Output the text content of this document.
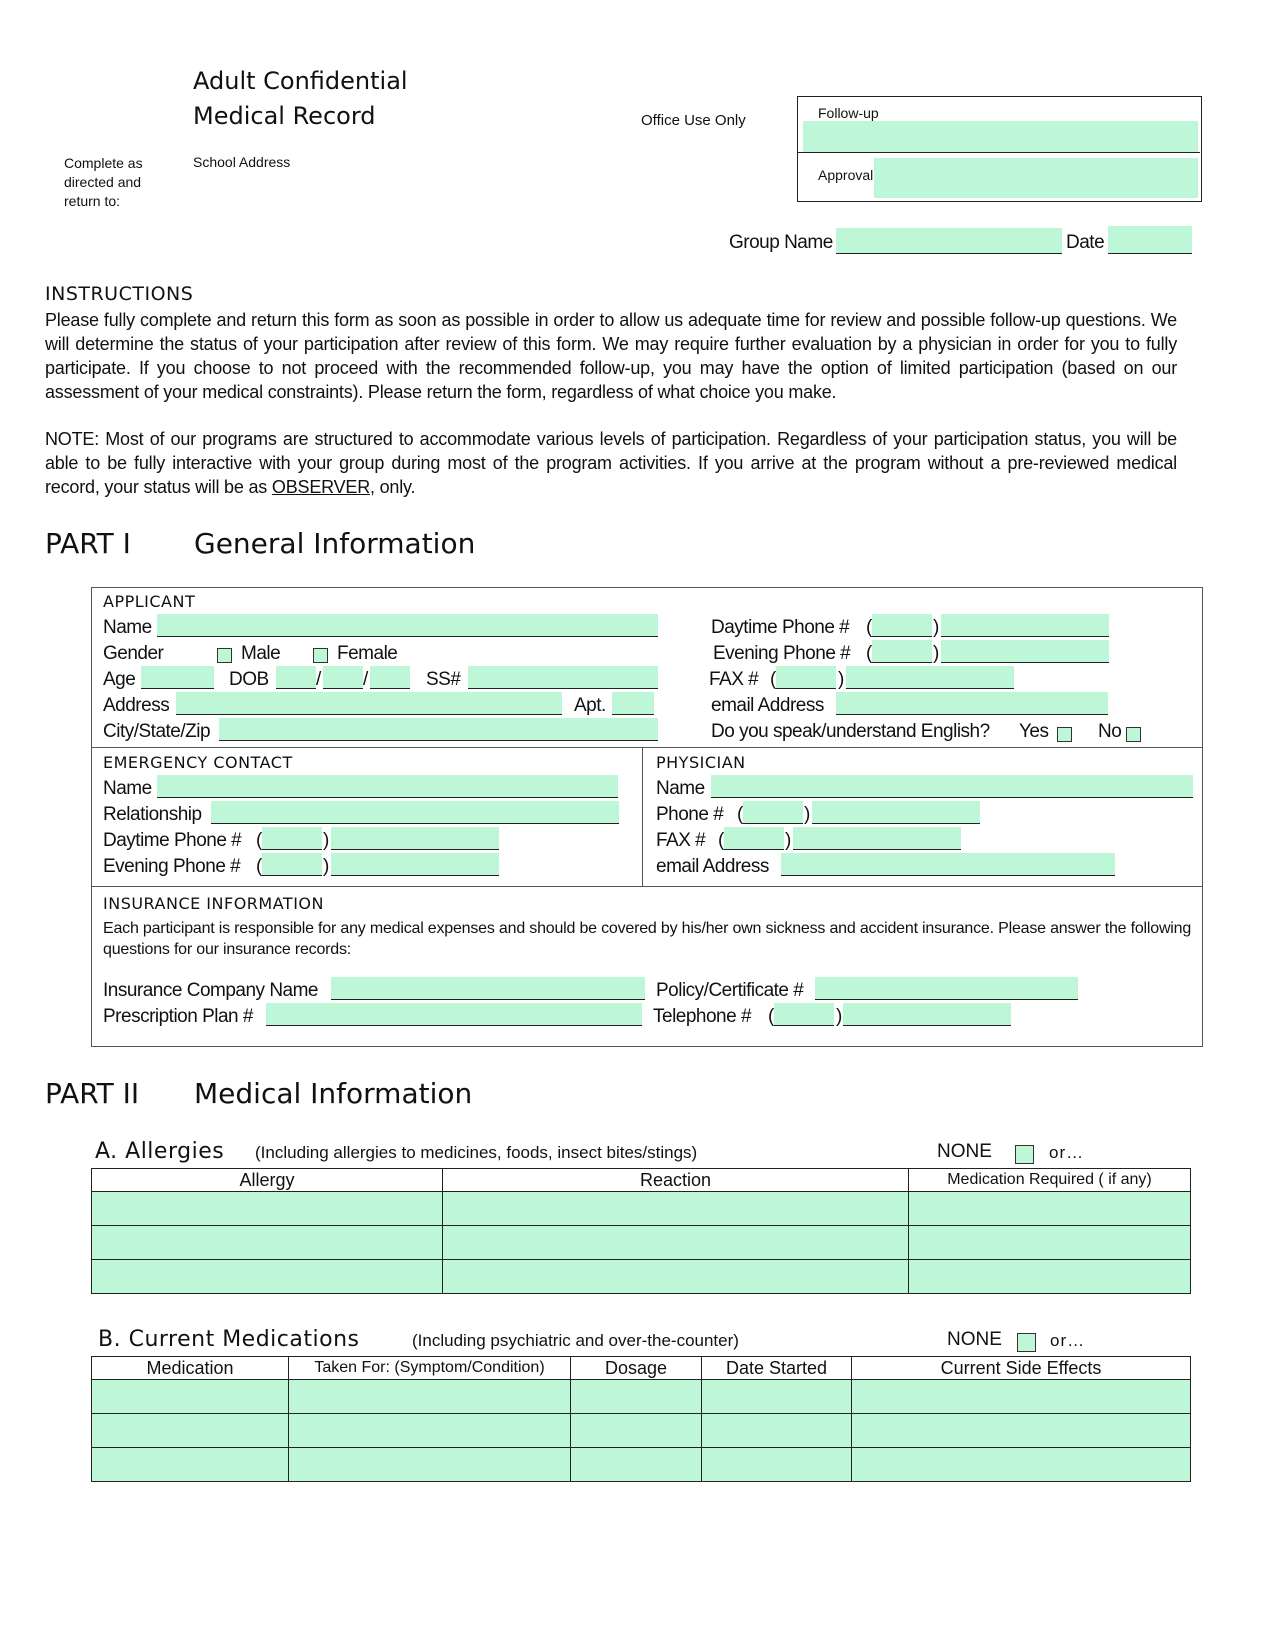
Adult Confidential
Medical Record
Complete as
directed and
return to:
School Address
Office Use Only	Follow-up
Approval
Group Name	Date
INSTRUCTIONS
Please fully complete and return this form as soon as possible in order to allow us adequate time for review and possible follow-up questions. We will determine the status of your participation after review of this form. We may require further evaluation by a physician in order for you to fully participate. If you choose to not proceed with the recommended follow-up, you may have the option of limited participation (based on our assessment of your medical constraints). Please return the form, regardless of what choice you make.
NOTE: Most of our programs are structured to accommodate various levels of participation. Regardless of your participation status, you will be able to be fully interactive with your group during most of the program activities. If you arrive at the program without a pre-reviewed medical record, your status will be as OBSERVER, only.
PART I General Information
APPLICANT
Name
Gender	Male	Female
Age	DOB / /	SS#
Address	Apt.
City/State/Zip
Daytime Phone # (	)
Evening Phone # (	)
FAX # (	)
email Address
Do you speak/understand English? Yes	No
EMERGENCY CONTACT
Name
Relationship
Daytime Phone # (	)
Evening Phone # (	)
PHYSICIAN
Name
Phone # (	)
FAX # (	)
email Address
INSURANCE INFORMATION
Each participant is responsible for any medical expenses and should be covered by his/her own sickness and accident insurance. Please answer the following questions for our insurance records:
Insurance Company Name	Policy/Certificate #
Prescription Plan #	Telephone # (	)
PART II Medical Information
A. Allergies (Including allergies to medicines, foods, insect bites/stings)	NONE	or…
Allergy	Reaction	Medication Required ( if any)

B. Current Medications	(Including psychiatric and over-the-counter)	NONE	or…
Medication	Taken For: (Symptom/Condition)	Dosage	Date Started	Current Side Effects
